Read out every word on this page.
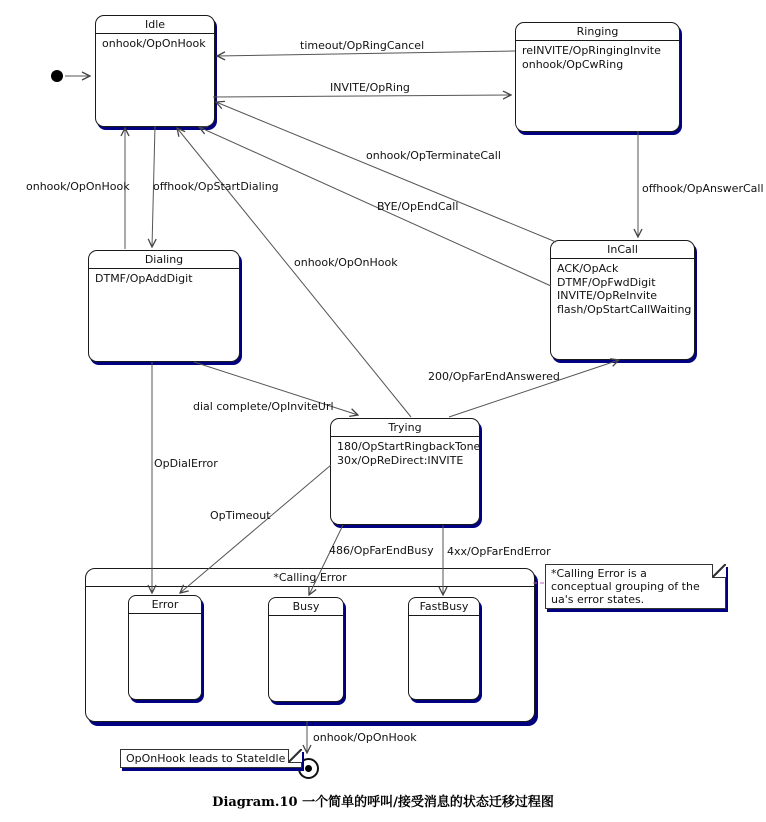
Idle
onhook/OpOnHook
Ringing
reINVITE/OpRingingInvite
onhook/OpCwRing
Dialing
DTMF/OpAddDigit
InCall
ACK/OpAck
DTMF/OpFwdDigit
INVITE/OpReInvite
flash/OpStartCallWaiting
Trying
180/OpStartRingbackTone
30x/OpReDirect:INVITE
*Calling Error
Error	Busy	FastBusy
timeout/OpRingCancel
INVITE/OpRing
onhook/OpOnHook offhook/OpStartDialing
onhook/OpTerminateCall
BYE/OpEndCall
onhook/OpOnHook
offhook/OpAnswerCall
200/OpFarEndAnswered
dial complete/OpInviteUrl
OpDialError
OpTimeout
486/OpFarEndBusy 4xx/OpFarEndError
onhook/OpOnHook
*Calling Error is a conceptual grouping of the ua's error states.
OpOnHook leads to StateIdle
Diagram.10 一个简单的呼叫/接受消息的状态迁移过程图
